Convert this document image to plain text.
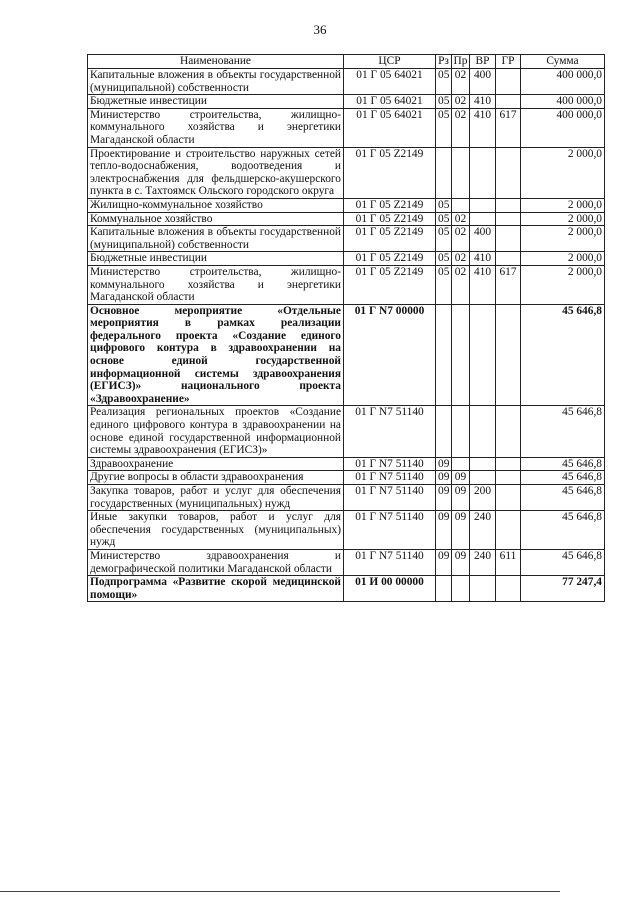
36
Наименование	ЦСР	Рз	Пр	ВР	ГР	Сумма
Капитальные вложения в объекты государственной (муниципальной) собственности	01 Г 05 64021	05	02	400		400 000,0
Бюджетные инвестиции	01 Г 05 64021	05	02	410		400 000,0
Министерство строительства, жилищно-коммунального хозяйства и энергетики Магаданской области	01 Г 05 64021	05	02	410	617	400 000,0
Проектирование и строительство наружных сетей тепло-водоснабжения, водоотведения и электроснабжения для фельдшерско-акушерского пункта в с. Тахтоямск Ольского городского округа	01 Г 05 Z2149					2 000,0
Жилищно-коммунальное хозяйство	01 Г 05 Z2149	05				2 000,0
Коммунальное хозяйство	01 Г 05 Z2149	05	02			2 000,0
Капитальные вложения в объекты государственной (муниципальной) собственности	01 Г 05 Z2149	05	02	400		2 000,0
Бюджетные инвестиции	01 Г 05 Z2149	05	02	410		2 000,0
Министерство строительства, жилищно-коммунального хозяйства и энергетики Магаданской области	01 Г 05 Z2149	05	02	410	617	2 000,0
Основное мероприятие «Отдельные мероприятия в рамках реализации федерального проекта «Создание единого цифрового контура в здравоохранении на основе единой государственной информационной системы здравоохранения (ЕГИСЗ)» национального проекта «Здравоохранение»	01 Г N7 00000					45 646,8
Реализация региональных проектов «Создание единого цифрового контура в здравоохранении на основе единой государственной информационной системы здравоохранения (ЕГИСЗ)»	01 Г N7 51140					45 646,8
Здравоохранение	01 Г N7 51140	09				45 646,8
Другие вопросы в области здравоохранения	01 Г N7 51140	09	09			45 646,8
Закупка товаров, работ и услуг для обеспечения государственных (муниципальных) нужд	01 Г N7 51140	09	09	200		45 646,8
Иные закупки товаров, работ и услуг для обеспечения государственных (муниципальных) нужд	01 Г N7 51140	09	09	240		45 646,8
Министерство здравоохранения и демографической политики Магаданской области	01 Г N7 51140	09	09	240	611	45 646,8
Подпрограмма «Развитие скорой медицинской помощи»	01 И 00 00000					77 247,4
